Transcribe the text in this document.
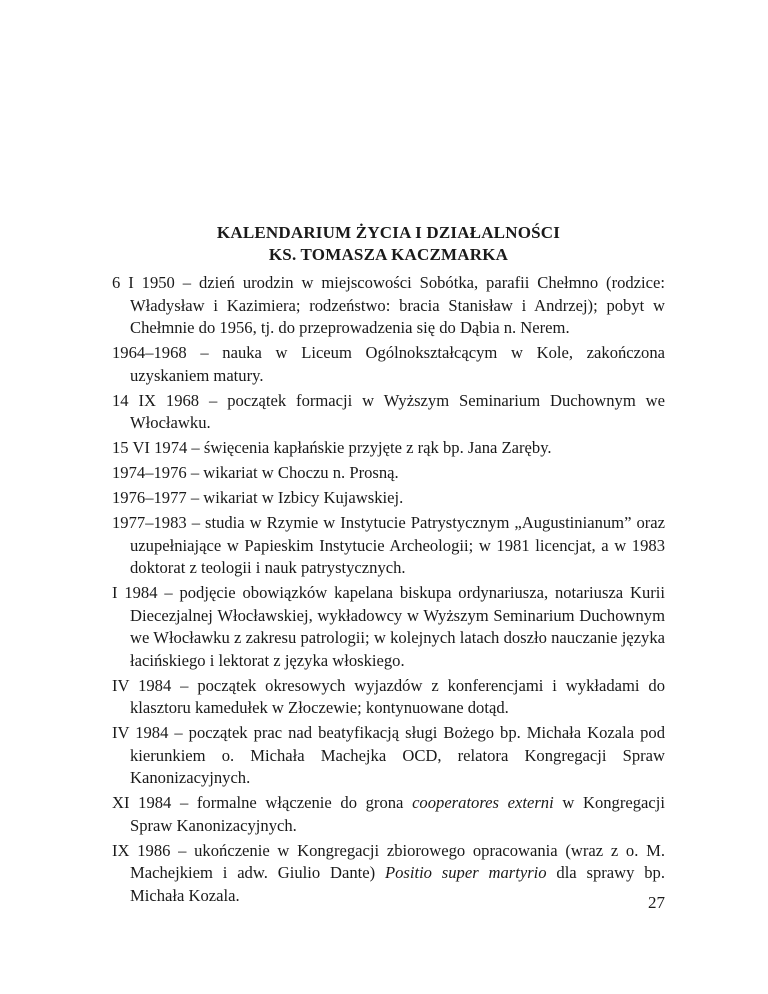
KALENDARIUM ŻYCIA I DZIAŁALNOŚCI
KS. TOMASZA KACZMARKA
6 I 1950 – dzień urodzin w miejscowości Sobótka, parafii Chełmno (rodzice: Władysław i Kazimiera; rodzeństwo: bracia Stanisław i Andrzej); pobyt w Chełmnie do 1956, tj. do przeprowadzenia się do Dąbia n. Nerem.
1964–1968 – nauka w Liceum Ogólnokształcącym w Kole, zakończona uzyskaniem matury.
14 IX 1968 – początek formacji w Wyższym Seminarium Duchownym we Włocławku.
15 VI 1974 – święcenia kapłańskie przyjęte z rąk bp. Jana Zaręby.
1974–1976 – wikariat w Choczu n. Prosną.
1976–1977 – wikariat w Izbicy Kujawskiej.
1977–1983 – studia w Rzymie w Instytucie Patrystycznym „Augustinianum” oraz uzupełniające w Papieskim Instytucie Archeologii; w 1981 licencjat, a w 1983 doktorat z teologii i nauk patrystycznych.
I 1984 – podjęcie obowiązków kapelana biskupa ordynariusza, notariusza Kurii Diecezjalnej Włocławskiej, wykładowcy w Wyższym Seminarium Duchownym we Włocławku z zakresu patrologii; w kolejnych latach doszło nauczanie języka łacińskiego i lektorat z języka włoskiego.
IV 1984 – początek okresowych wyjazdów z konferencjami i wykładami do klasztoru kamedułek w Złoczewie; kontynuowane dotąd.
IV 1984 – początek prac nad beatyfikacją sługi Bożego bp. Michała Kozala pod kierunkiem o. Michała Machejka OCD, relatora Kongregacji Spraw Kanonizacyjnych.
XI 1984 – formalne włączenie do grona cooperatores externi w Kongregacji Spraw Kanonizacyjnych.
IX 1986 – ukończenie w Kongregacji zbiorowego opracowania (wraz z o. M. Machejkiem i adw. Giulio Dante) Positio super martyrio dla sprawy bp. Michała Kozala.	27
